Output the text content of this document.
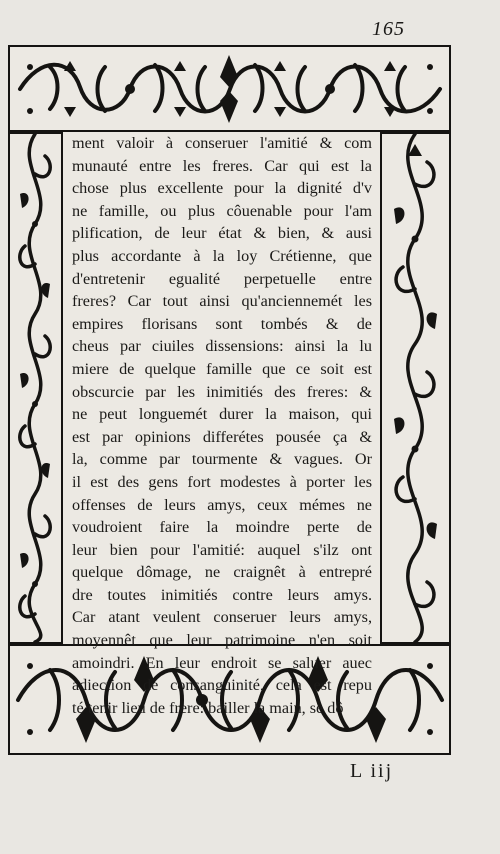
165
ment valoir à conseruer l'amitié & com
munauté entre les freres. Car qui est la
chose plus excellente pour la dignité d'v
ne famille, ou plus côuenable pour l'am
plification, de leur état & bien, & ausi
plus accordante à la loy Crétienne, que
d'entretenir egualité perpetuelle entre
freres? Car tout ainsi qu'anciennemét les
empires florisans sont tombés & de
cheus par ciuiles dissensions: ainsi la lu
miere de quelque famille que ce soit est
obscurcie par les inimitiés des freres: &
ne peut longuemét durer la maison, qui
est par opinions differétes pousée ça &
la, comme par tourmente & vagues. Or
il est des gens fort modestes à porter les
offenses de leurs amys, ceux mémes ne
voudroient faire la moindre perte de
leur bien pour l'amitié: auquel s'ilz ont
quelque dômage, ne craignêt à entrepré
dre toutes inimitiés contre leurs amys.
Car atant veulent conseruer leurs amys,
moyennêt que leur patrimoine n'en soit
amoindri. En leur endroit se saluer auec
adiection de consanguinité, cela est repu
té tenir lieu de frere: bailler la main, se dô
L iij
